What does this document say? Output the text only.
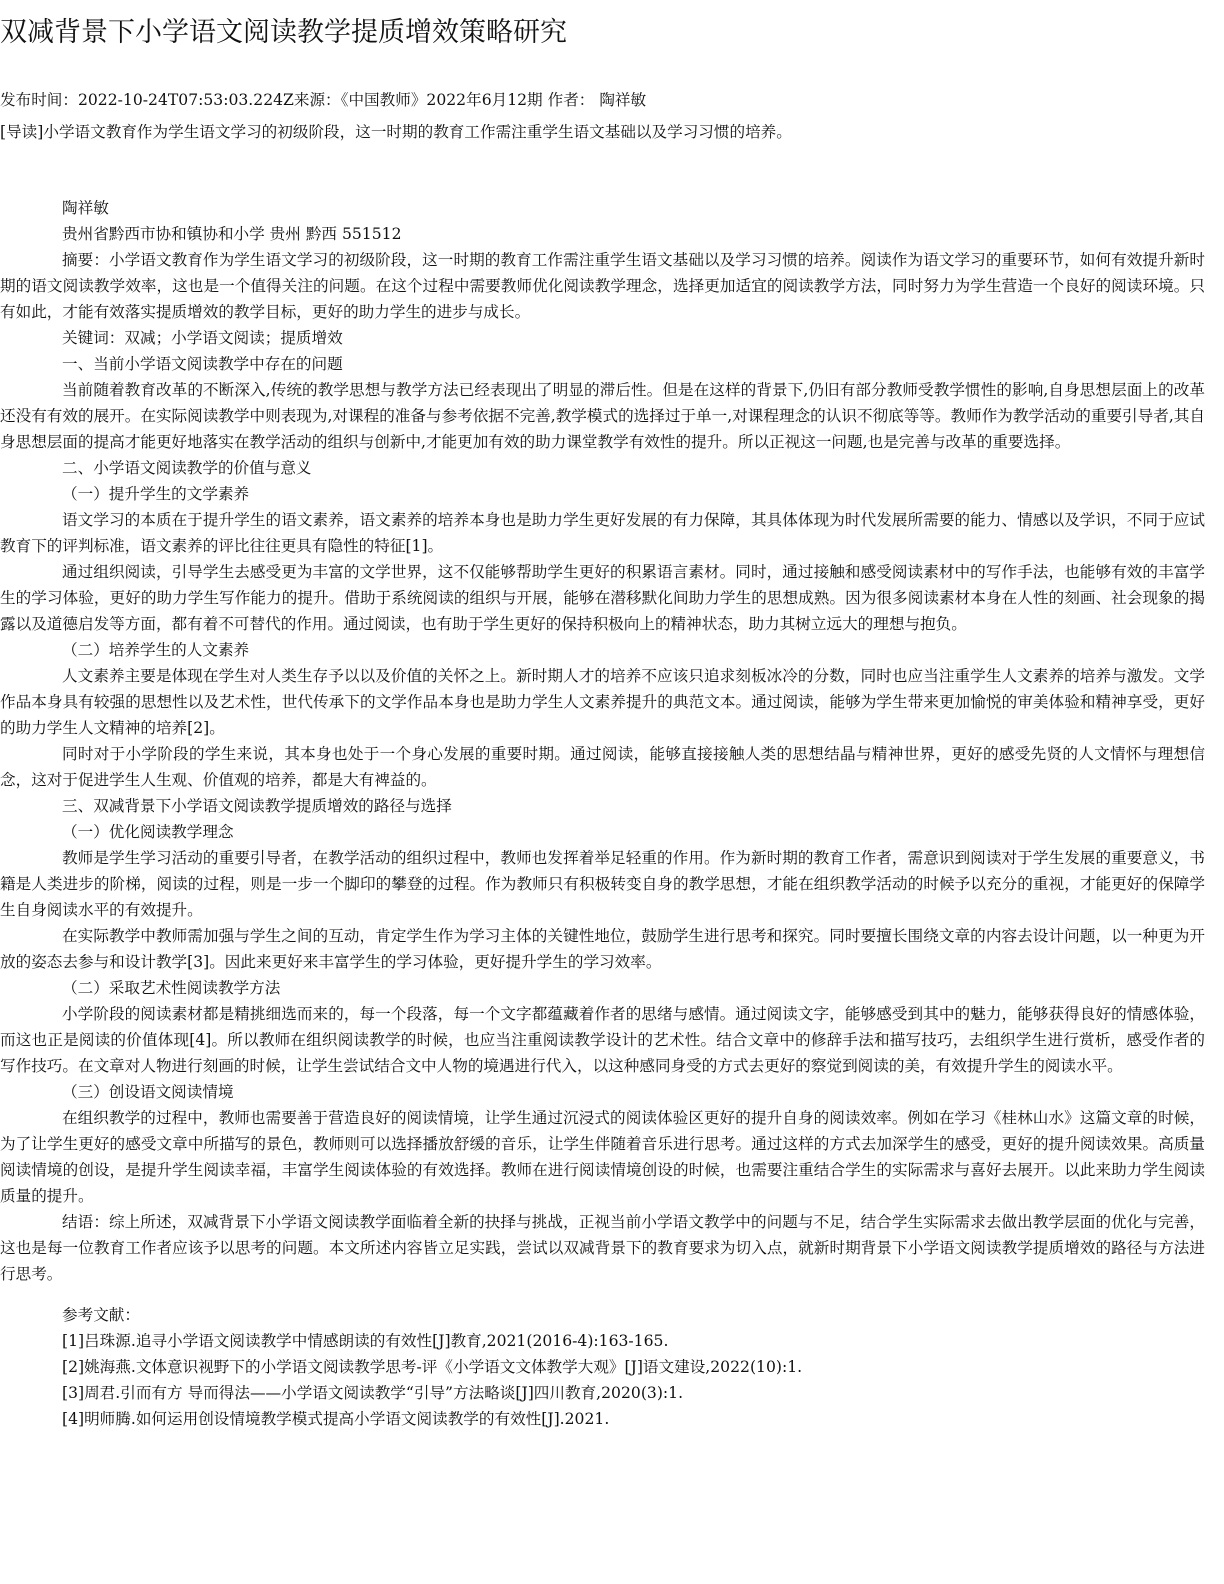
双减背景下小学语文阅读教学提质增效策略研究
发布时间：2022-10-24T07:53:03.224Z来源：《中国教师》2022年6月12期 作者： 陶祥敏
[导读]小学语文教育作为学生语文学习的初级阶段，这一时期的教育工作需注重学生语文基础以及学习习惯的培养。

陶祥敏

贵州省黔西市协和镇协和小学 贵州 黔西 551512

摘要：小学语文教育作为学生语文学习的初级阶段，这一时期的教育工作需注重学生语文基础以及学习习惯的培养。阅读作为语文学习的重要环节，如何有效提升新时期的语文阅读教学效率，这也是一个值得关注的问题。在这个过程中需要教师优化阅读教学理念，选择更加适宜的阅读教学方法，同时努力为学生营造一个良好的阅读环境。只有如此，才能有效落实提质增效的教学目标，更好的助力学生的进步与成长。

关键词：双减；小学语文阅读；提质增效

一、当前小学语文阅读教学中存在的问题

当前随着教育改革的不断深入,传统的教学思想与教学方法已经表现出了明显的滞后性。但是在这样的背景下,仍旧有部分教师受教学惯性的影响,自身思想层面上的改革还没有有效的展开。在实际阅读教学中则表现为,对课程的准备与参考依据不完善,教学模式的选择过于单一,对课程理念的认识不彻底等等。教师作为教学活动的重要引导者,其自身思想层面的提高才能更好地落实在教学活动的组织与创新中,才能更加有效的助力课堂教学有效性的提升。所以正视这一问题,也是完善与改革的重要选择。

二、小学语文阅读教学的价值与意义

（一）提升学生的文学素养

语文学习的本质在于提升学生的语文素养，语文素养的培养本身也是助力学生更好发展的有力保障，其具体体现为时代发展所需要的能力、情感以及学识，不同于应试教育下的评判标准，语文素养的评比往往更具有隐性的特征[1]。

通过组织阅读，引导学生去感受更为丰富的文学世界，这不仅能够帮助学生更好的积累语言素材。同时，通过接触和感受阅读素材中的写作手法，也能够有效的丰富学生的学习体验，更好的助力学生写作能力的提升。借助于系统阅读的组织与开展，能够在潜移默化间助力学生的思想成熟。因为很多阅读素材本身在人性的刻画、社会现象的揭露以及道德启发等方面，都有着不可替代的作用。通过阅读，也有助于学生更好的保持积极向上的精神状态，助力其树立远大的理想与抱负。

（二）培养学生的人文素养

人文素养主要是体现在学生对人类生存予以以及价值的关怀之上。新时期人才的培养不应该只追求刻板冰冷的分数，同时也应当注重学生人文素养的培养与激发。文学作品本身具有较强的思想性以及艺术性，世代传承下的文学作品本身也是助力学生人文素养提升的典范文本。通过阅读，能够为学生带来更加愉悦的审美体验和精神享受，更好的助力学生人文精神的培养[2]。

同时对于小学阶段的学生来说，其本身也处于一个身心发展的重要时期。通过阅读，能够直接接触人类的思想结晶与精神世界，更好的感受先贤的人文情怀与理想信念，这对于促进学生人生观、价值观的培养，都是大有裨益的。

三、双减背景下小学语文阅读教学提质增效的路径与选择

（一）优化阅读教学理念

教师是学生学习活动的重要引导者，在教学活动的组织过程中，教师也发挥着举足轻重的作用。作为新时期的教育工作者，需意识到阅读对于学生发展的重要意义，书籍是人类进步的阶梯，阅读的过程，则是一步一个脚印的攀登的过程。作为教师只有积极转变自身的教学思想，才能在组织教学活动的时候予以充分的重视，才能更好的保障学生自身阅读水平的有效提升。

在实际教学中教师需加强与学生之间的互动，肯定学生作为学习主体的关键性地位，鼓励学生进行思考和探究。同时要擅长围绕文章的内容去设计问题，以一种更为开放的姿态去参与和设计教学[3]。因此来更好来丰富学生的学习体验，更好提升学生的学习效率。

（二）采取艺术性阅读教学方法

小学阶段的阅读素材都是精挑细选而来的，每一个段落，每一个文字都蕴藏着作者的思绪与感情。通过阅读文字，能够感受到其中的魅力，能够获得良好的情感体验，而这也正是阅读的价值体现[4]。所以教师在组织阅读教学的时候，也应当注重阅读教学设计的艺术性。结合文章中的修辞手法和描写技巧，去组织学生进行赏析，感受作者的写作技巧。在文章对人物进行刻画的时候，让学生尝试结合文中人物的境遇进行代入，以这种感同身受的方式去更好的察觉到阅读的美，有效提升学生的阅读水平。

（三）创设语文阅读情境

在组织教学的过程中，教师也需要善于营造良好的阅读情境，让学生通过沉浸式的阅读体验区更好的提升自身的阅读效率。例如在学习《桂林山水》这篇文章的时候，为了让学生更好的感受文章中所描写的景色，教师则可以选择播放舒缓的音乐，让学生伴随着音乐进行思考。通过这样的方式去加深学生的感受，更好的提升阅读效果。高质量阅读情境的创设，是提升学生阅读幸福，丰富学生阅读体验的有效选择。教师在进行阅读情境创设的时候，也需要注重结合学生的实际需求与喜好去展开。以此来助力学生阅读质量的提升。

结语：综上所述，双减背景下小学语文阅读教学面临着全新的抉择与挑战，正视当前小学语文教学中的问题与不足，结合学生实际需求去做出教学层面的优化与完善，这也是每一位教育工作者应该予以思考的问题。本文所述内容皆立足实践，尝试以双减背景下的教育要求为切入点，就新时期背景下小学语文阅读教学提质增效的路径与方法进行思考。

参考文献：

[1]吕珠源.追寻小学语文阅读教学中情感朗读的有效性[J]教育,2021(2016-4):163-165.

[2]姚海燕.文体意识视野下的小学语文阅读教学思考-评《小学语文文体教学大观》[J]语文建设,2022(10):1.

[3]周君.引而有方 导而得法——小学语文阅读教学“引导”方法略谈[J]四川教育,2020(3):1.

[4]明师腾.如何运用创设情境教学模式提高小学语文阅读教学的有效性[J].2021.
